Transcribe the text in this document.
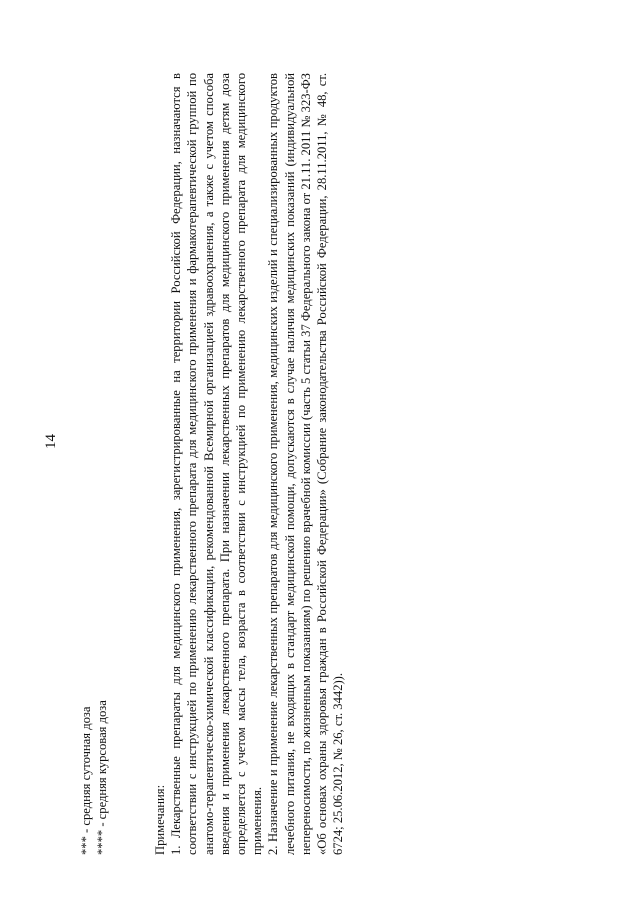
14
*** - средняя суточная доза
**** - средняя курсовая доза	Примечания: 1. Лекарственные препараты для медицинского применения, зарегистрированные на территории Российской Федерации, назначаются в соответствии с инструкцией по применению лекарственного препарата для медицинского применения и фармакотерапевтической группой по анатомо-терапевтическо-химической классификации, рекомендованной Всемирной организацией здравоохранения, а также с учетом способа введения и применения лекарственного препарата. При назначении лекарственных препаратов для медицинского применения детям доза определяется с учетом массы тела, возраста в соответствии с инструкцией по применению лекарственного препарата для медицинского применения. 2. Назначение и применение лекарственных препаратов для медицинского применения, медицинских изделий и специализированных продуктов лечебного питания, не входящих в стандарт медицинской помощи, допускаются в случае наличия медицинских показаний (индивидуальной непереносимости, по жизненным показаниям) по решению врачебной комиссии (часть 5 статьи 37 Федерального закона от 21.11. 2011 № 323-ФЗ «Об основах охраны здоровья граждан в Российской Федерации» (Собрание законодательства Российской Федерации, 28.11.2011, № 48, ст. 6724; 25.06.2012, № 26, ст. 3442)).
